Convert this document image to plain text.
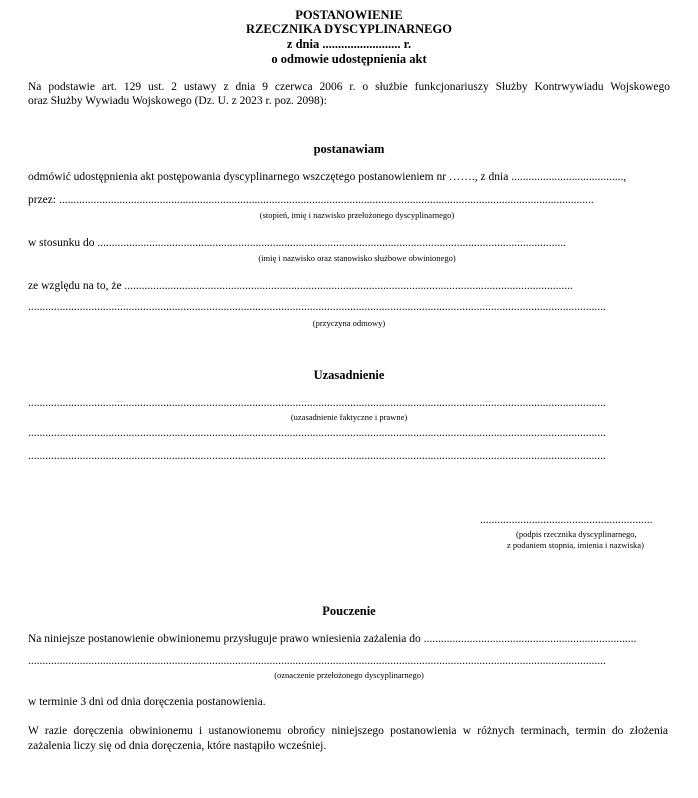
POSTANOWIENIE
RZECZNIKA DYSCYPLINARNEGO
z dnia ......................... r.
o odmowie udostępnienia akt
Na podstawie art. 129 ust. 2 ustawy z dnia 9 czerwca 2006 r. o służbie funkcjonariuszy Służby Kontrwywiadu Wojskowego
oraz Służby Wywiadu Wojskowego (Dz. U. z 2023 r. poz. 2098):
postanawiam
odmówić udostępnienia akt postępowania dyscyplinarnego wszczętego postanowieniem nr ……., z dnia .......................................,
przez: ..........................................................................................................................................................................................
(stopień, imię i nazwisko przełożonego dyscyplinarnego)
w stosunku do ...................................................................................................................................................................
(imię i nazwisko oraz stanowisko służbowe obwinionego)
ze względu na to, że ............................................................................................................................................................
.........................................................................................................................................................................................................
(przyczyna odmowy)
Uzasadnienie
.........................................................................................................................................................................................................
(uzasadnienie faktyczne i prawne)
.........................................................................................................................................................................................................
.........................................................................................................................................................................................................
............................................................
(podpis rzecznika dyscyplinarnego,
z podaniem stopnia, imienia i nazwiska)
Pouczenie
Na niniejsze postanowienie obwinionemu przysługuje prawo wniesienia zażalenia do ..........................................................................
.........................................................................................................................................................................................................
(oznaczenie przełożonego dyscyplinarnego)
w terminie 3 dni od dnia doręczenia postanowienia.
W razie doręczenia obwinionemu i ustanowionemu obrońcy niniejszego postanowienia w różnych terminach, termin do złożenia
zażalenia liczy się od dnia doręczenia, które nastąpiło wcześniej.
